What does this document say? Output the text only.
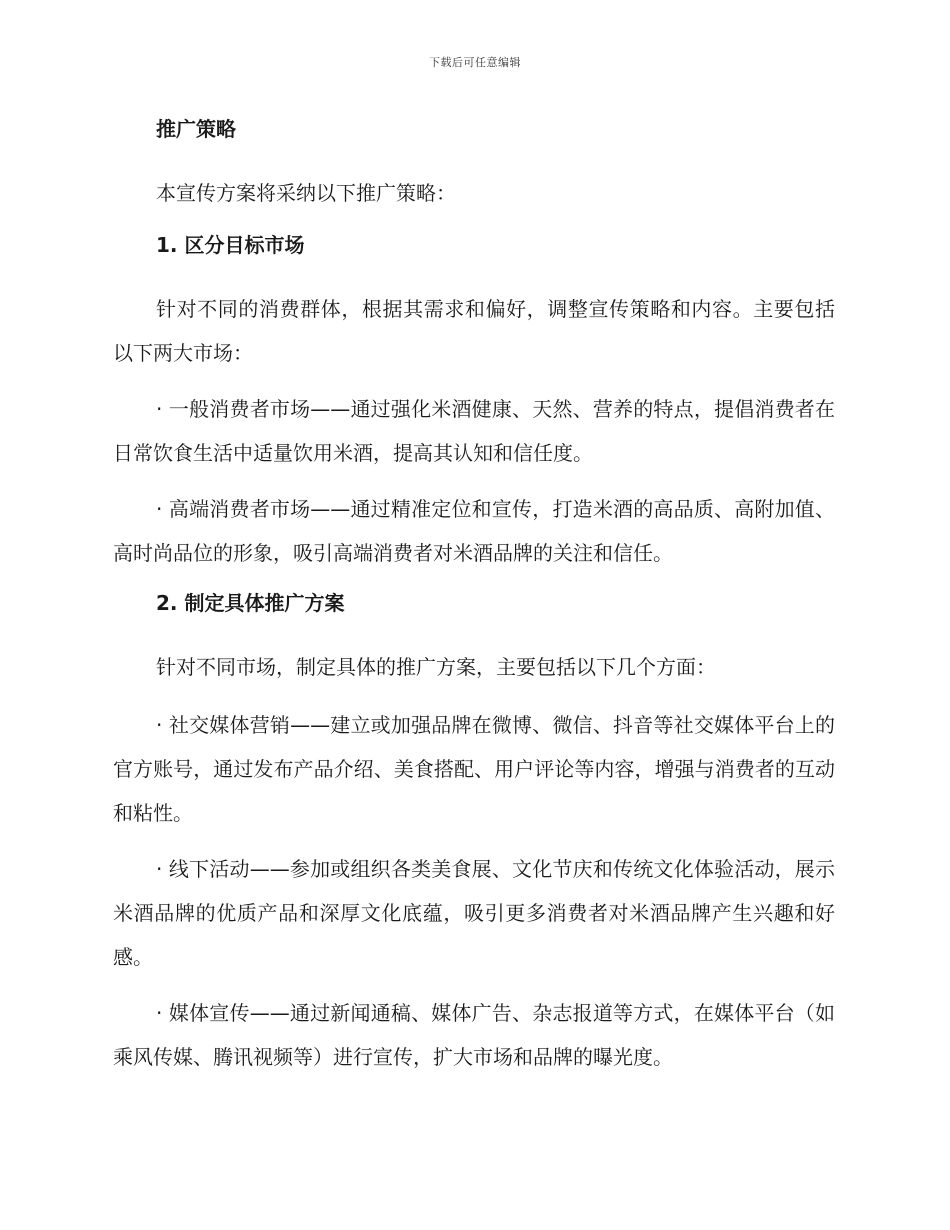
下载后可任意编辑
推广策略

本宣传方案将采纳以下推广策略：

1. 区分目标市场

针对不同的消费群体，根据其需求和偏好，调整宣传策略和内容。主要包括以下两大市场：

· 一般消费者市场——通过强化米酒健康、天然、营养的特点，提倡消费者在日常饮食生活中适量饮用米酒，提高其认知和信任度。

· 高端消费者市场——通过精准定位和宣传，打造米酒的高品质、高附加值、高时尚品位的形象，吸引高端消费者对米酒品牌的关注和信任。

2. 制定具体推广方案

针对不同市场，制定具体的推广方案，主要包括以下几个方面：

· 社交媒体营销——建立或加强品牌在微博、微信、抖音等社交媒体平台上的官方账号，通过发布产品介绍、美食搭配、用户评论等内容，增强与消费者的互动和粘性。

· 线下活动——参加或组织各类美食展、文化节庆和传统文化体验活动，展示米酒品牌的优质产品和深厚文化底蕴，吸引更多消费者对米酒品牌产生兴趣和好感。

· 媒体宣传——通过新闻通稿、媒体广告、杂志报道等方式，在媒体平台（如乘风传媒、腾讯视频等）进行宣传，扩大市场和品牌的曝光度。
